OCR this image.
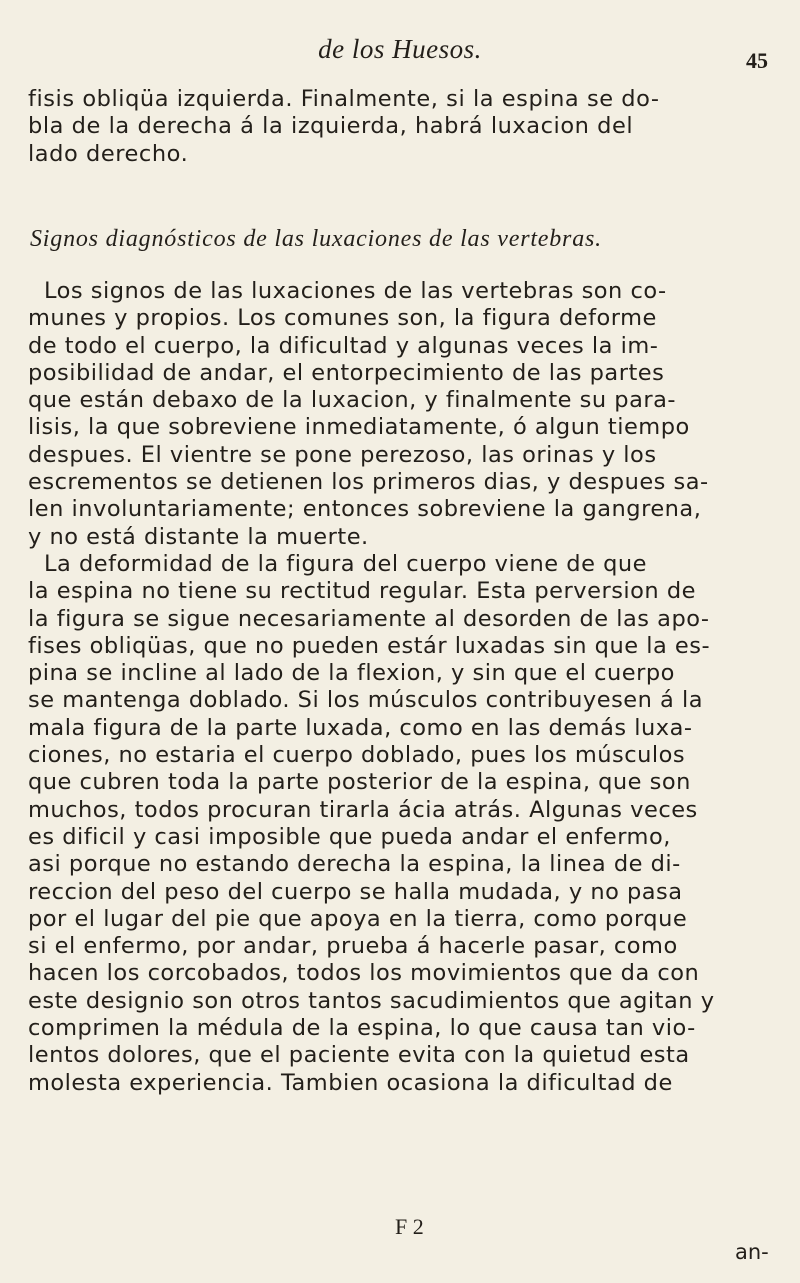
de los Huesos.	45
fisis obliqüa izquierda. Finalmente, si la espina se do-
bla de la derecha á la izquierda, habrá luxacion del
lado derecho.
Signos diagnósticos de las luxaciones de las vertebras.
Los signos de las luxaciones de las vertebras son co-
munes y propios. Los comunes son, la figura deforme
de todo el cuerpo, la dificultad y algunas veces la im-
posibilidad de andar, el entorpecimiento de las partes
que están debaxo de la luxacion, y finalmente su para-
lisis, la que sobreviene inmediatamente, ó algun tiempo
despues. El vientre se pone perezoso, las orinas y los
escrementos se detienen los primeros dias, y despues sa-
len involuntariamente; entonces sobreviene la gangrena,
y no está distante la muerte.
La deformidad de la figura del cuerpo viene de que
la espina no tiene su rectitud regular. Esta perversion de
la figura se sigue necesariamente al desorden de las apo-
fises obliqüas, que no pueden estár luxadas sin que la es-
pina se incline al lado de la flexion, y sin que el cuerpo
se mantenga doblado. Si los músculos contribuyesen á la
mala figura de la parte luxada, como en las demás luxa-
ciones, no estaria el cuerpo doblado, pues los músculos
que cubren toda la parte posterior de la espina, que son
muchos, todos procuran tirarla ácia atrás. Algunas veces
es dificil y casi imposible que pueda andar el enfermo,
asi porque no estando derecha la espina, la linea de di-
reccion del peso del cuerpo se halla mudada, y no pasa
por el lugar del pie que apoya en la tierra, como porque
si el enfermo, por andar, prueba á hacerle pasar, como
hacen los corcobados, todos los movimientos que da con
este designio son otros tantos sacudimientos que agitan y
comprimen la médula de la espina, lo que causa tan vio-
lentos dolores, que el paciente evita con la quietud esta
molesta experiencia. Tambien ocasiona la dificultad de
F 2
an-
